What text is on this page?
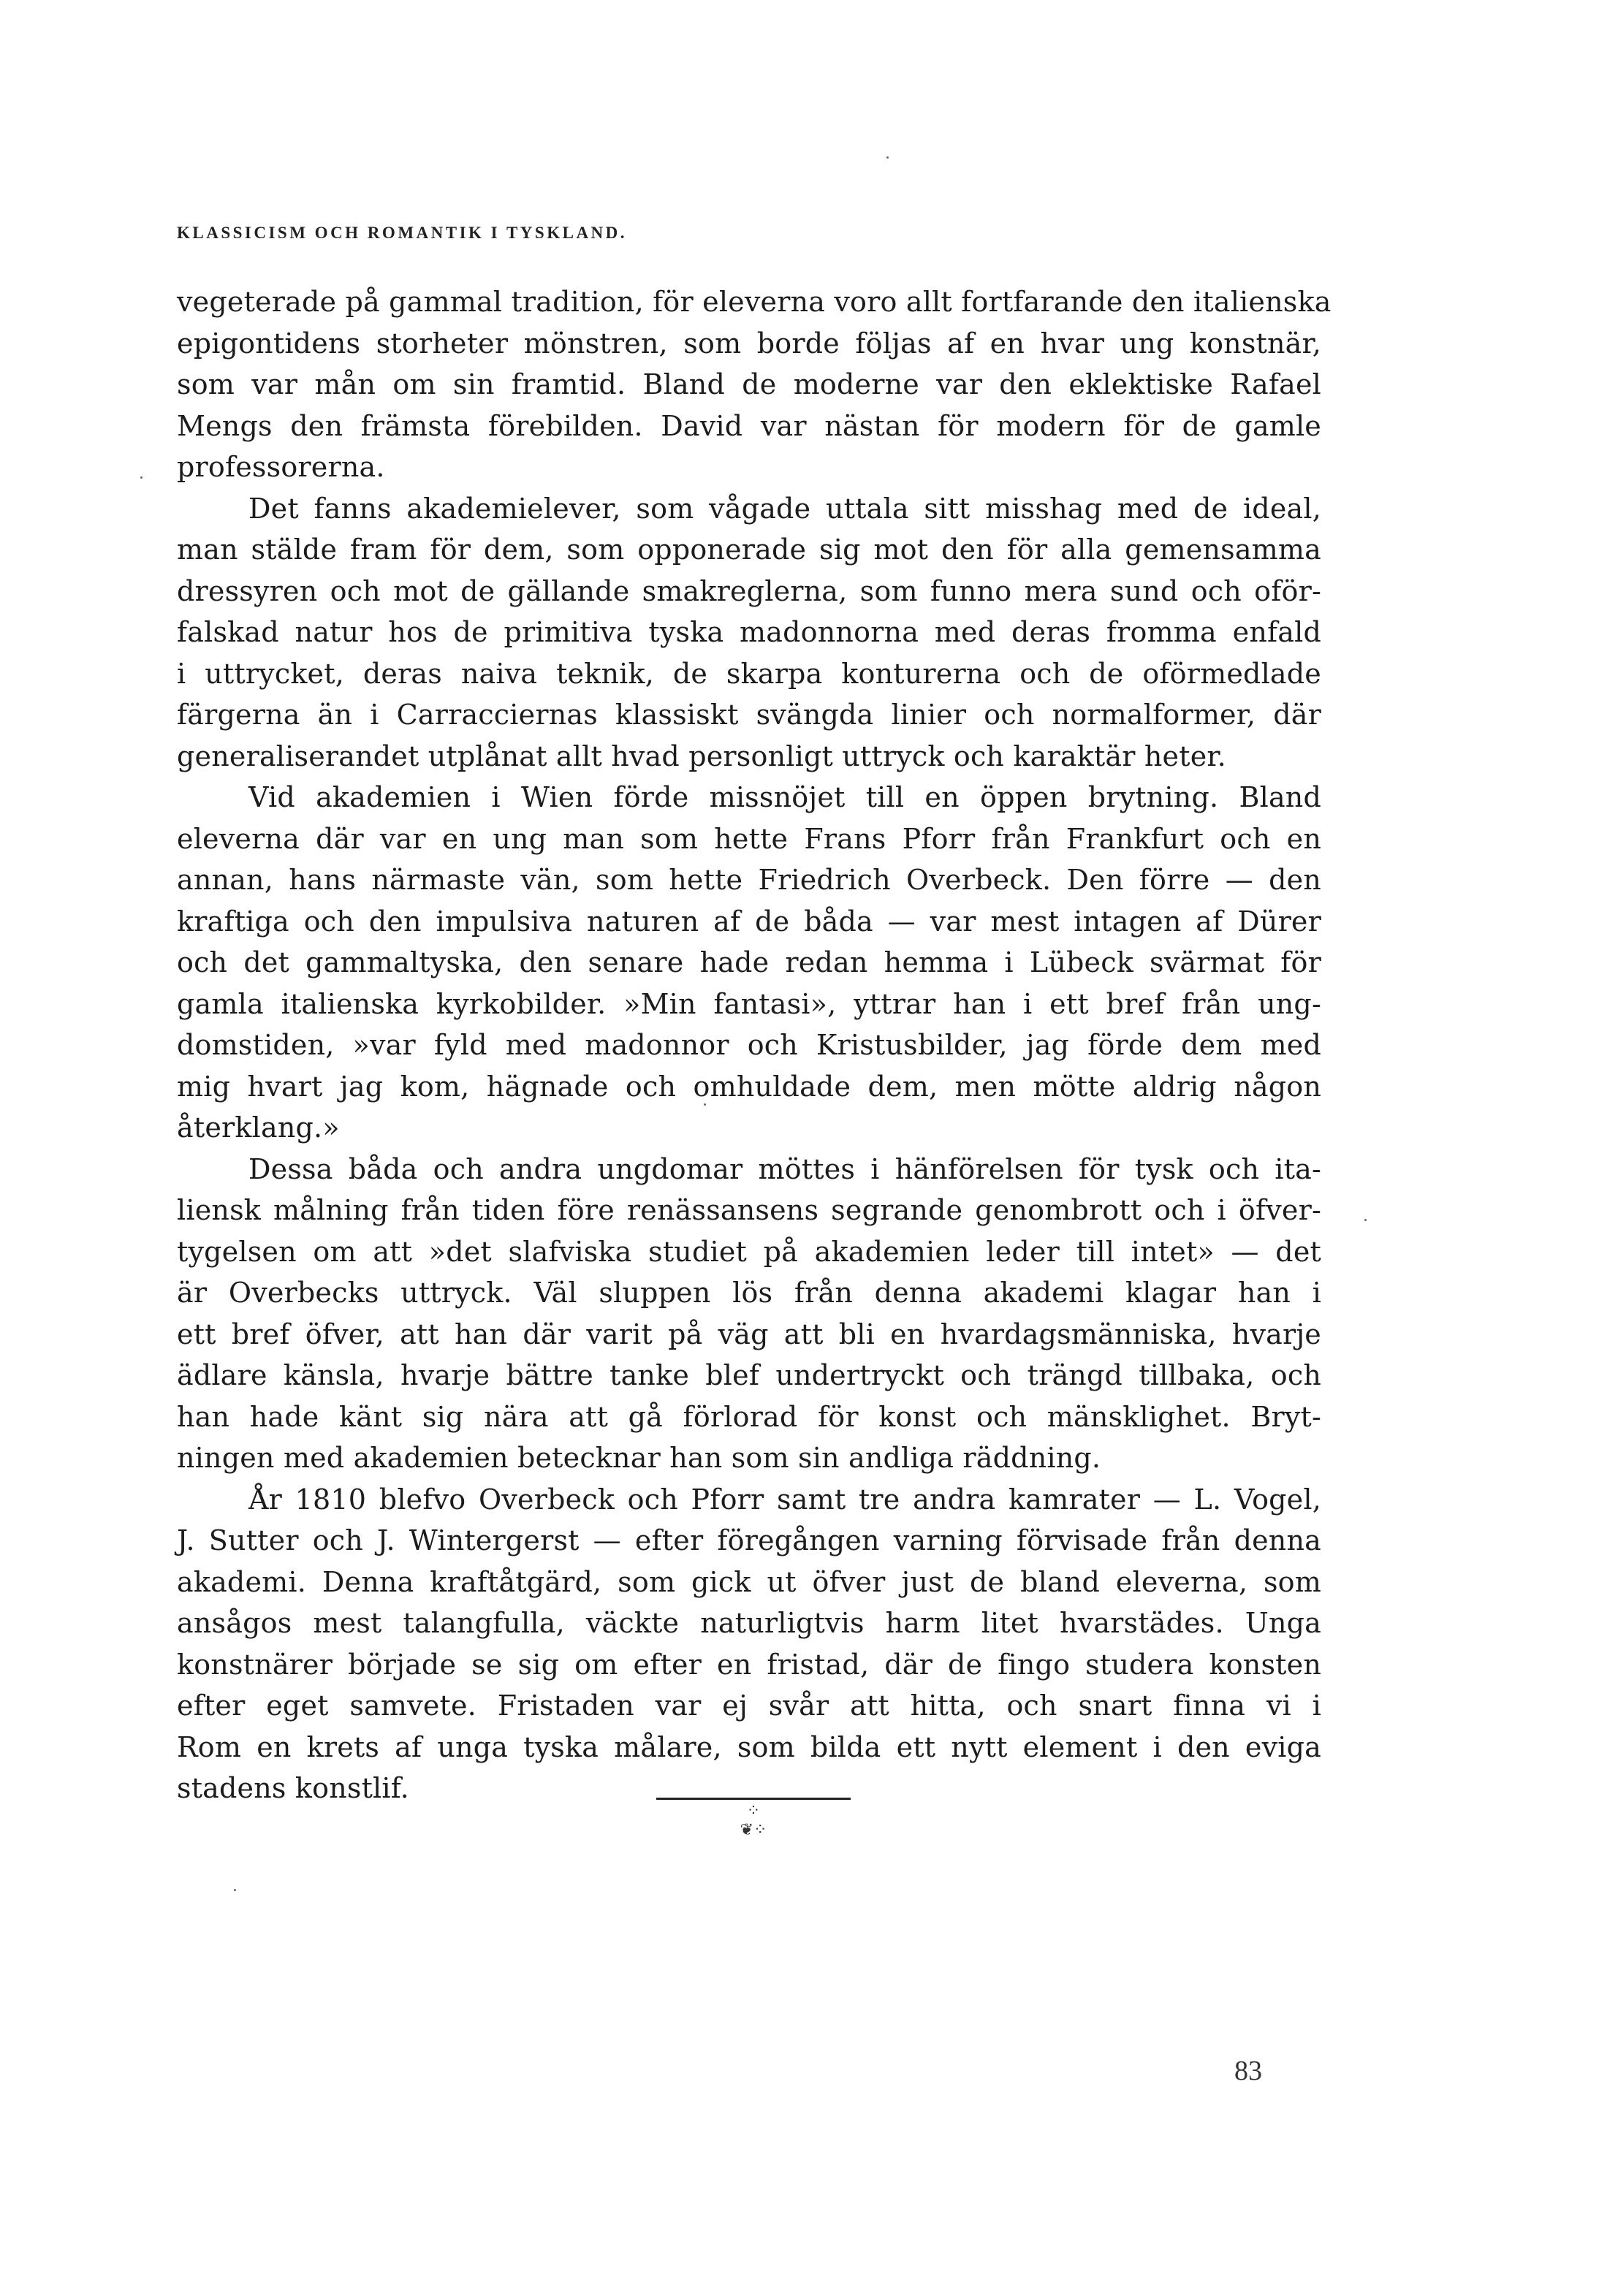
KLASSICISM OCH ROMANTIK I TYSKLAND.
vegeterade på gammal tradition, för eleverna voro allt fortfarande den italienska
epigontidens storheter mönstren, som borde följas af en hvar ung konstnär,
som var mån om sin framtid. Bland de moderne var den eklektiske Rafael
Mengs den främsta förebilden. David var nästan för modern för de gamle
professorerna.
Det fanns akademielever, som vågade uttala sitt misshag med de ideal,
man stälde fram för dem, som opponerade sig mot den för alla gemensamma
dressyren och mot de gällande smakreglerna, som funno mera sund och oför-
falskad natur hos de primitiva tyska madonnorna med deras fromma enfald
i uttrycket, deras naiva teknik, de skarpa konturerna och de oförmedlade
färgerna än i Carracciernas klassiskt svängda linier och normalformer, där
generaliserandet utplånat allt hvad personligt uttryck och karaktär heter.
Vid akademien i Wien förde missnöjet till en öppen brytning. Bland
eleverna där var en ung man som hette Frans Pforr från Frankfurt och en
annan, hans närmaste vän, som hette Friedrich Overbeck. Den förre — den
kraftiga och den impulsiva naturen af de båda — var mest intagen af Dürer
och det gammaltyska, den senare hade redan hemma i Lübeck svärmat för
gamla italienska kyrkobilder. »Min fantasi», yttrar han i ett bref från ung-
domstiden, »var fyld med madonnor och Kristusbilder, jag förde dem med
mig hvart jag kom, hägnade och omhuldade dem, men mötte aldrig någon
återklang.»
Dessa båda och andra ungdomar möttes i hänförelsen för tysk och ita-
liensk målning från tiden före renässansens segrande genombrott och i öfver-
tygelsen om att »det slafviska studiet på akademien leder till intet» — det
är Overbecks uttryck. Väl sluppen lös från denna akademi klagar han i
ett bref öfver, att han där varit på väg att bli en hvardagsmänniska, hvarje
ädlare känsla, hvarje bättre tanke blef undertryckt och trängd tillbaka, och
han hade känt sig nära att gå förlorad för konst och mänsklighet. Bryt-
ningen med akademien betecknar han som sin andliga räddning.
År 1810 blefvo Overbeck och Pforr samt tre andra kamrater — L. Vogel,
J. Sutter och J. Wintergerst — efter föregången varning förvisade från denna
akademi. Denna kraftåtgärd, som gick ut öfver just de bland eleverna, som
ansågos mest talangfulla, väckte naturligtvis harm litet hvarstädes. Unga
konstnärer började se sig om efter en fristad, där de fingo studera konsten
efter eget samvete. Fristaden var ej svår att hitta, och snart finna vi i
Rom en krets af unga tyska målare, som bilda ett nytt element i den eviga
stadens konstlif.
⁘❦⁘
83
